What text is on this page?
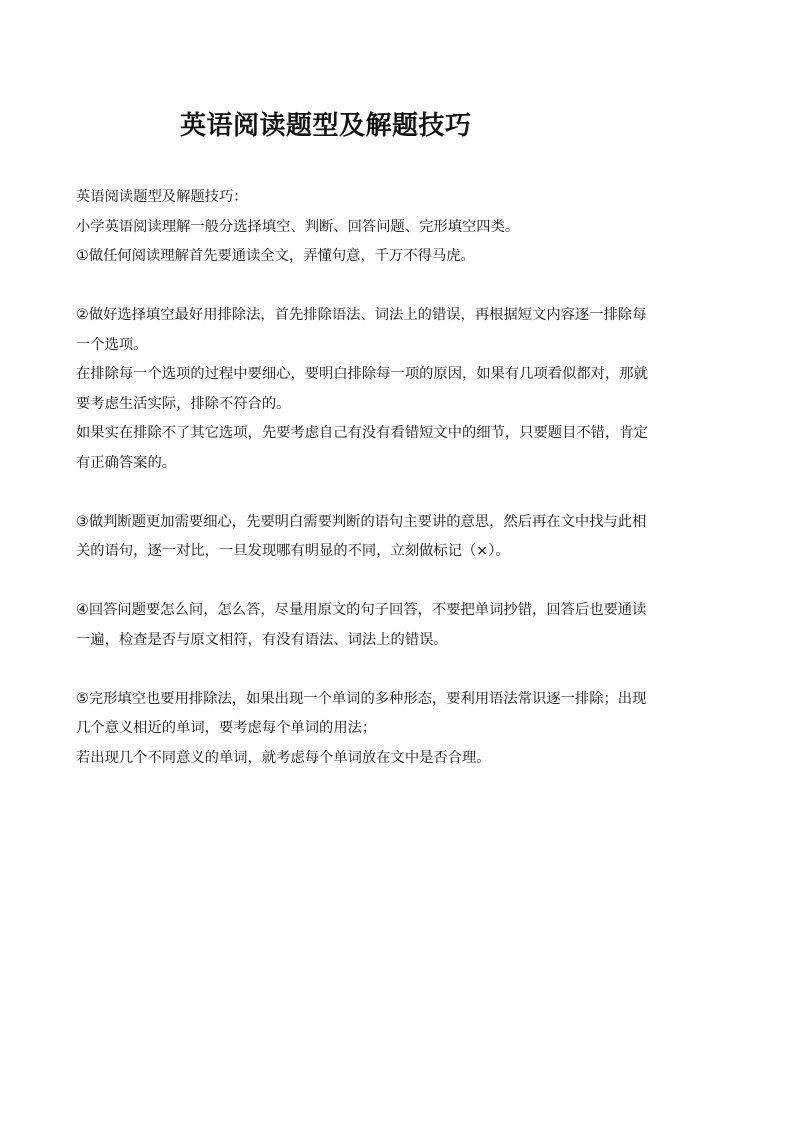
英语阅读题型及解题技巧
英语阅读题型及解题技巧：
小学英语阅读理解一般分选择填空、判断、回答问题、完形填空四类。
①做任何阅读理解首先要通读全文，弄懂句意，千万不得马虎。
②做好选择填空最好用排除法，首先排除语法、词法上的错误，再根据短文内容逐一排除每
一个选项。
在排除每一个选项的过程中要细心，要明白排除每一项的原因，如果有几项看似都对，那就
要考虑生活实际，排除不符合的。
如果实在排除不了其它选项，先要考虑自己有没有看错短文中的细节，只要题目不错，肯定
有正确答案的。
③做判断题更加需要细心，先要明白需要判断的语句主要讲的意思，然后再在文中找与此相
关的语句，逐一对比，一旦发现哪有明显的不同，立刻做标记（×）。
④回答问题要怎么问，怎么答，尽量用原文的句子回答，不要把单词抄错，回答后也要通读
一遍，检查是否与原文相符，有没有语法、词法上的错误。
⑤完形填空也要用排除法，如果出现一个单词的多种形态，要利用语法常识逐一排除；出现
几个意义相近的单词，要考虑每个单词的用法；
若出现几个不同意义的单词，就考虑每个单词放在文中是否合理。
